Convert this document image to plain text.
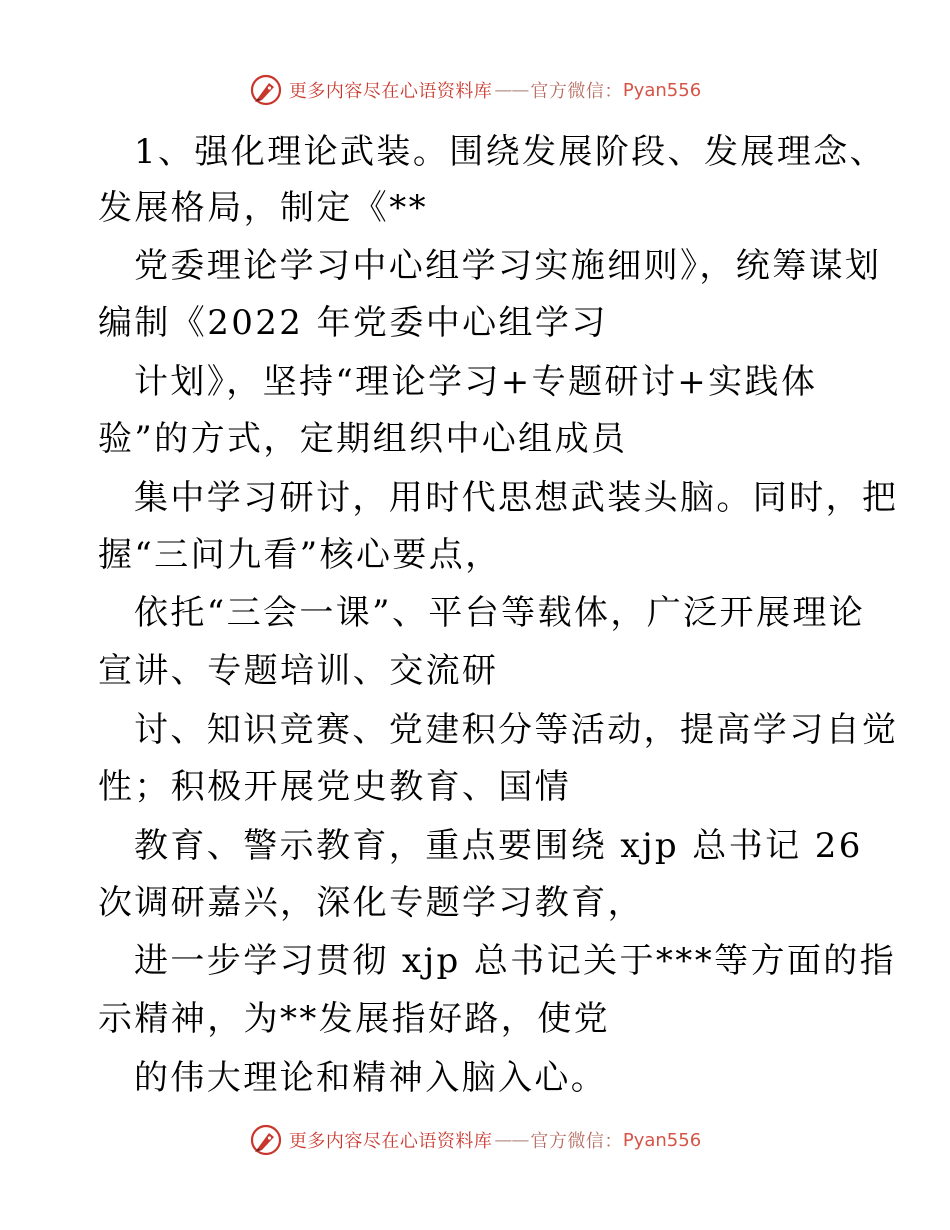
更多内容尽在心语资料库 —— 官方微信： Pyan556
1、强化理论武装。围绕发展阶段、发展理念、
发展格局，制定《**
党委理论学习中心组学习实施细则》，统筹谋划
编制《2022 年党委中心组学习
计划》，坚持“理论学习+专题研讨+实践体
验”的方式，定期组织中心组成员
集中学习研讨，用时代思想武装头脑。同时，把
握“三问九看”核心要点，
依托“三会一课”、平台等载体，广泛开展理论
宣讲、专题培训、交流研
讨、知识竞赛、党建积分等活动，提高学习自觉
性；积极开展党史教育、国情
教育、警示教育，重点要围绕 xjp 总书记 26
次调研嘉兴，深化专题学习教育，
进一步学习贯彻 xjp 总书记关于***等方面的指
示精神，为**发展指好路，使党
的伟大理论和精神入脑入心。
更多内容尽在心语资料库 —— 官方微信： Pyan556
